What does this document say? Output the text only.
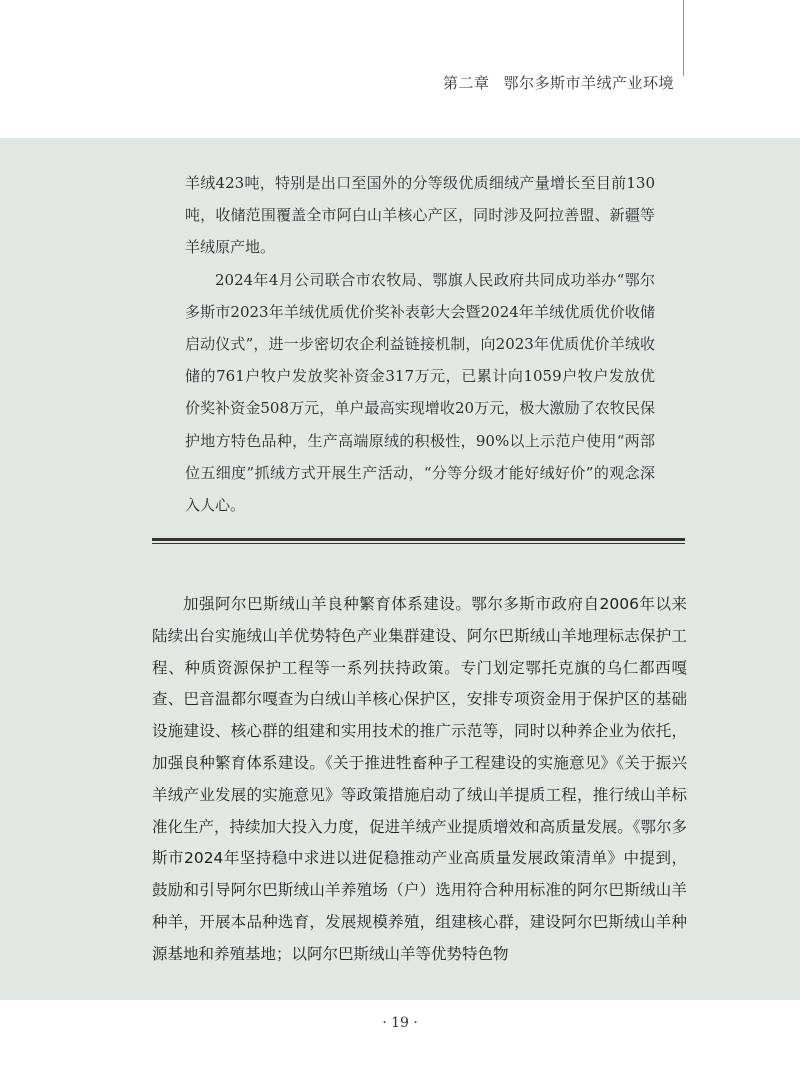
第二章 鄂尔多斯市羊绒产业环境

羊绒423吨，特别是出口至国外的分等级优质细绒产量增长至目前130吨，收储范围覆盖全市阿白山羊核心产区，同时涉及阿拉善盟、新疆等羊绒原产地。

2024年4月公司联合市农牧局、鄂旗人民政府共同成功举办“鄂尔多斯市2023年羊绒优质优价奖补表彰大会暨2024年羊绒优质优价收储启动仪式”，进一步密切农企利益链接机制，向2023年优质优价羊绒收储的761户牧户发放奖补资金317万元，已累计向1059户牧户发放优价奖补资金508万元，单户最高实现增收20万元，极大激励了农牧民保护地方特色品种，生产高端原绒的积极性，90%以上示范户使用“两部位五细度”抓绒方式开展生产活动，“分等分级才能好绒好价”的观念深入人心。

加强阿尔巴斯绒山羊良种繁育体系建设。鄂尔多斯市政府自2006年以来陆续出台实施绒山羊优势特色产业集群建设、阿尔巴斯绒山羊地理标志保护工程、种质资源保护工程等一系列扶持政策。专门划定鄂托克旗的乌仁都西嘎查、巴音温都尔嘎查为白绒山羊核心保护区，安排专项资金用于保护区的基础设施建设、核心群的组建和实用技术的推广示范等，同时以种养企业为依托，加强良种繁育体系建设。《关于推进牲畜种子工程建设的实施意见》《关于振兴羊绒产业发展的实施意见》等政策措施启动了绒山羊提质工程，推行绒山羊标准化生产，持续加大投入力度，促进羊绒产业提质增效和高质量发展。《鄂尔多斯市2024年坚持稳中求进以进促稳推动产业高质量发展政策清单》中提到，鼓励和引导阿尔巴斯绒山羊养殖场（户）选用符合种用标准的阿尔巴斯绒山羊种羊，开展本品种选育，发展规模养殖，组建核心群，建设阿尔巴斯绒山羊种源基地和养殖基地；以阿尔巴斯绒山羊等优势特色物

· 19 ·
